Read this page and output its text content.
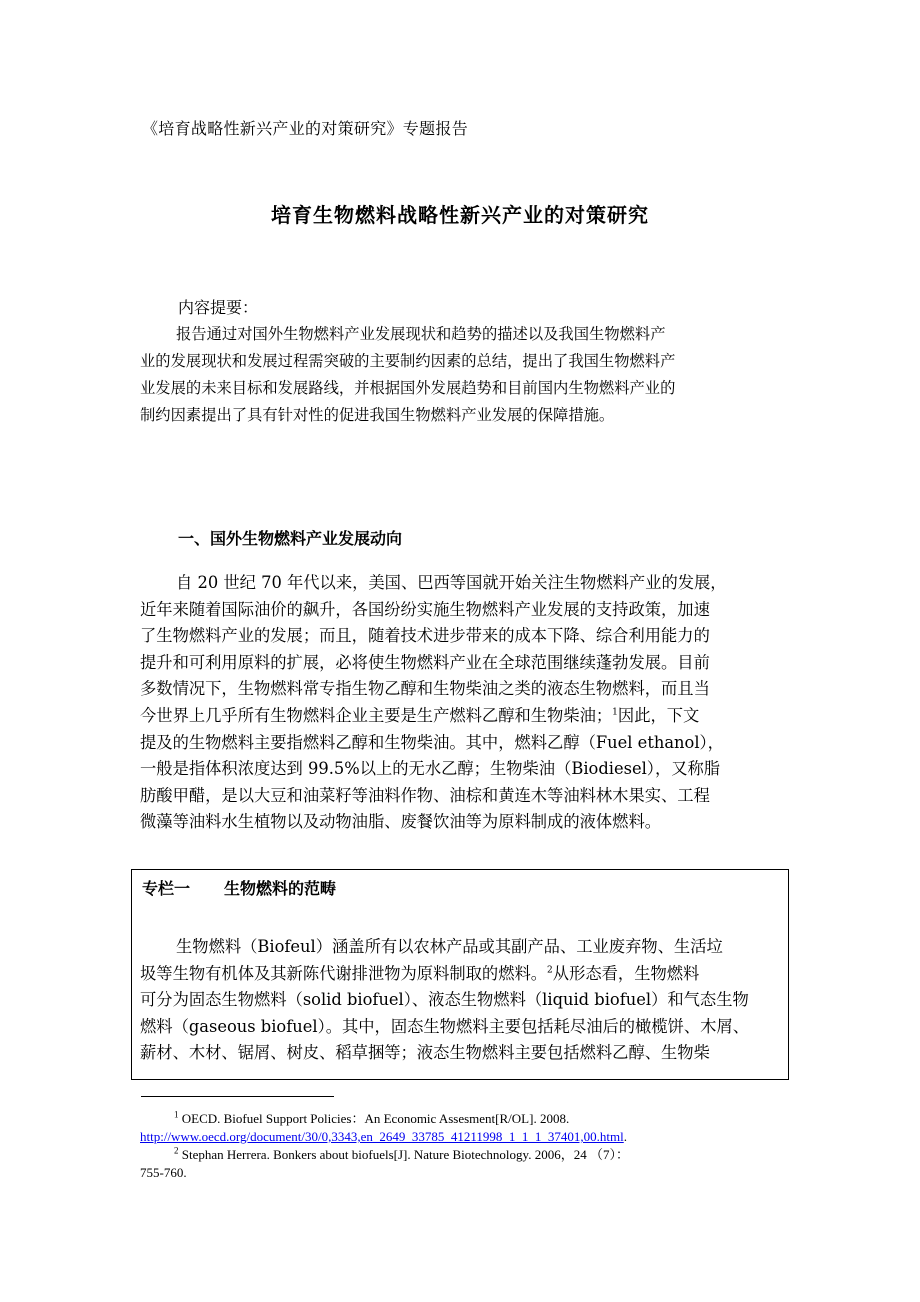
《培育战略性新兴产业的对策研究》专题报告
培育生物燃料战略性新兴产业的对策研究
内容提要：
报告通过对国外生物燃料产业发展现状和趋势的描述以及我国生物燃料产
业的发展现状和发展过程需突破的主要制约因素的总结，提出了我国生物燃料产
业发展的未来目标和发展路线，并根据国外发展趋势和目前国内生物燃料产业的
制约因素提出了具有针对性的促进我国生物燃料产业发展的保障措施。
一、国外生物燃料产业发展动向
自 20 世纪 70 年代以来，美国、巴西等国就开始关注生物燃料产业的发展，
近年来随着国际油价的飙升，各国纷纷实施生物燃料产业发展的支持政策，加速
了生物燃料产业的发展；而且，随着技术进步带来的成本下降、综合利用能力的
提升和可利用原料的扩展，必将使生物燃料产业在全球范围继续蓬勃发展。目前
多数情况下，生物燃料常专指生物乙醇和生物柴油之类的液态生物燃料，而且当
今世界上几乎所有生物燃料企业主要是生产燃料乙醇和生物柴油；$^1$因此，下文
提及的生物燃料主要指燃料乙醇和生物柴油。其中，燃料乙醇（Fuel ethanol），
一般是指体积浓度达到 99.5%以上的无水乙醇；生物柴油（Biodiesel），又称脂
肪酸甲醋，是以大豆和油菜籽等油料作物、油棕和黄连木等油料林木果实、工程
微藻等油料水生植物以及动物油脂、废餐饮油等为原料制成的液体燃料。
专栏一 生物燃料的范畴
生物燃料（Biofeul）涵盖所有以农林产品或其副产品、工业废弃物、生活垃
圾等生物有机体及其新陈代谢排泄物为原料制取的燃料。$^2$从形态看，生物燃料
可分为固态生物燃料（solid biofuel）、液态生物燃料（liquid biofuel）和气态生物
燃料（gaseous biofuel）。其中，固态生物燃料主要包括耗尽油后的橄榄饼、木屑、
薪材、木材、锯屑、树皮、稻草捆等；液态生物燃料主要包括燃料乙醇、生物柴
$^1$ OECD. Biofuel Support Policies：An Economic Assesment[R/OL]. 2008.
http://www.oecd.org/document/30/0,3343,en_2649_33785_41211998_1_1_1_37401,00.html.
$^2$ Stephan Herrera. Bonkers about biofuels[J]. Nature Biotechnology. 2006，24 （7）：
755-760.
